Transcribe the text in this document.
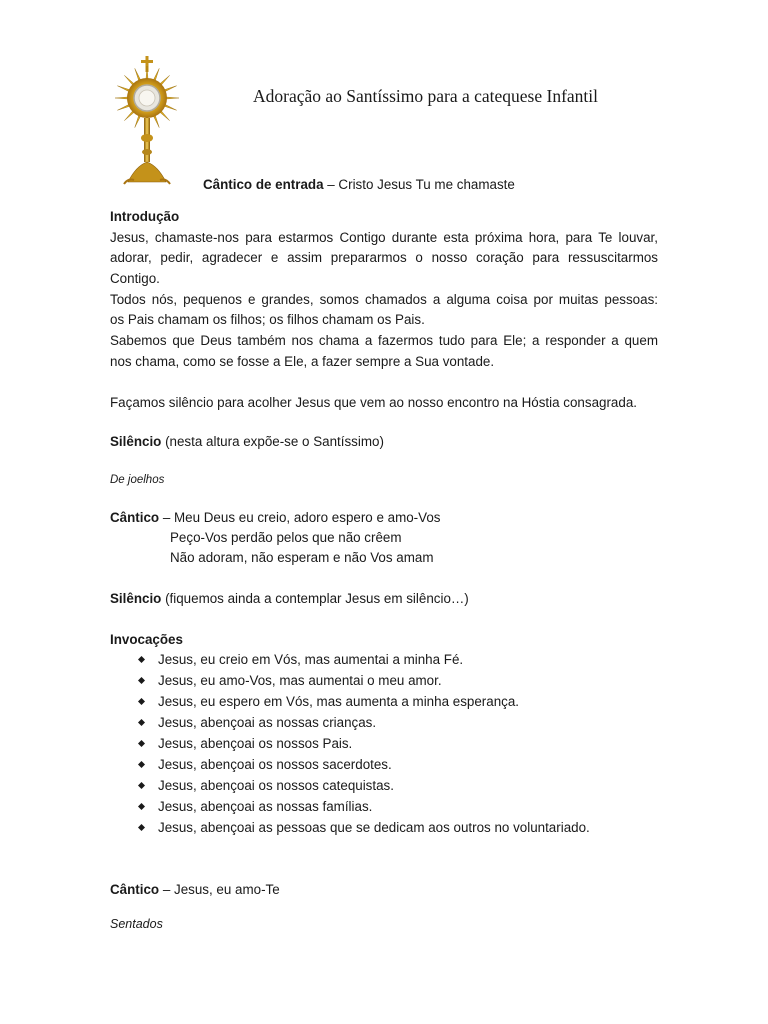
Adoração ao Santíssimo para a catequese Infantil
Cântico de entrada – Cristo Jesus Tu me chamaste
Introdução
Jesus, chamaste-nos para estarmos Contigo durante esta próxima hora, para Te louvar,
adorar, pedir, agradecer e assim prepararmos o nosso coração para ressuscitarmos
Contigo.
Todos nós, pequenos e grandes, somos chamados a alguma coisa por muitas pessoas:
os Pais chamam os filhos; os filhos chamam os Pais.
Sabemos que Deus também nos chama a fazermos tudo para Ele; a responder a quem
nos chama, como se fosse a Ele, a fazer sempre a Sua vontade.
Façamos silêncio para acolher Jesus que vem ao nosso encontro na Hóstia consagrada.
Silêncio (nesta altura expõe-se o Santíssimo)
De joelhos
Cântico – Meu Deus eu creio, adoro espero e amo-Vos
Peço-Vos perdão pelos que não crêem
Não adoram, não esperam e não Vos amam
Silêncio (fiquemos ainda a contemplar Jesus em silêncio…)
Invocações
Jesus, eu creio em Vós, mas aumentai a minha Fé.
Jesus, eu amo-Vos, mas aumentai o meu amor.
Jesus, eu espero em Vós, mas aumenta a minha esperança.
Jesus, abençoai as nossas crianças.
Jesus, abençoai os nossos Pais.
Jesus, abençoai os nossos sacerdotes.
Jesus, abençoai os nossos catequistas.
Jesus, abençoai as nossas famílias.
Jesus, abençoai as pessoas que se dedicam aos outros no voluntariado.
Cântico – Jesus, eu amo-Te
Sentados
